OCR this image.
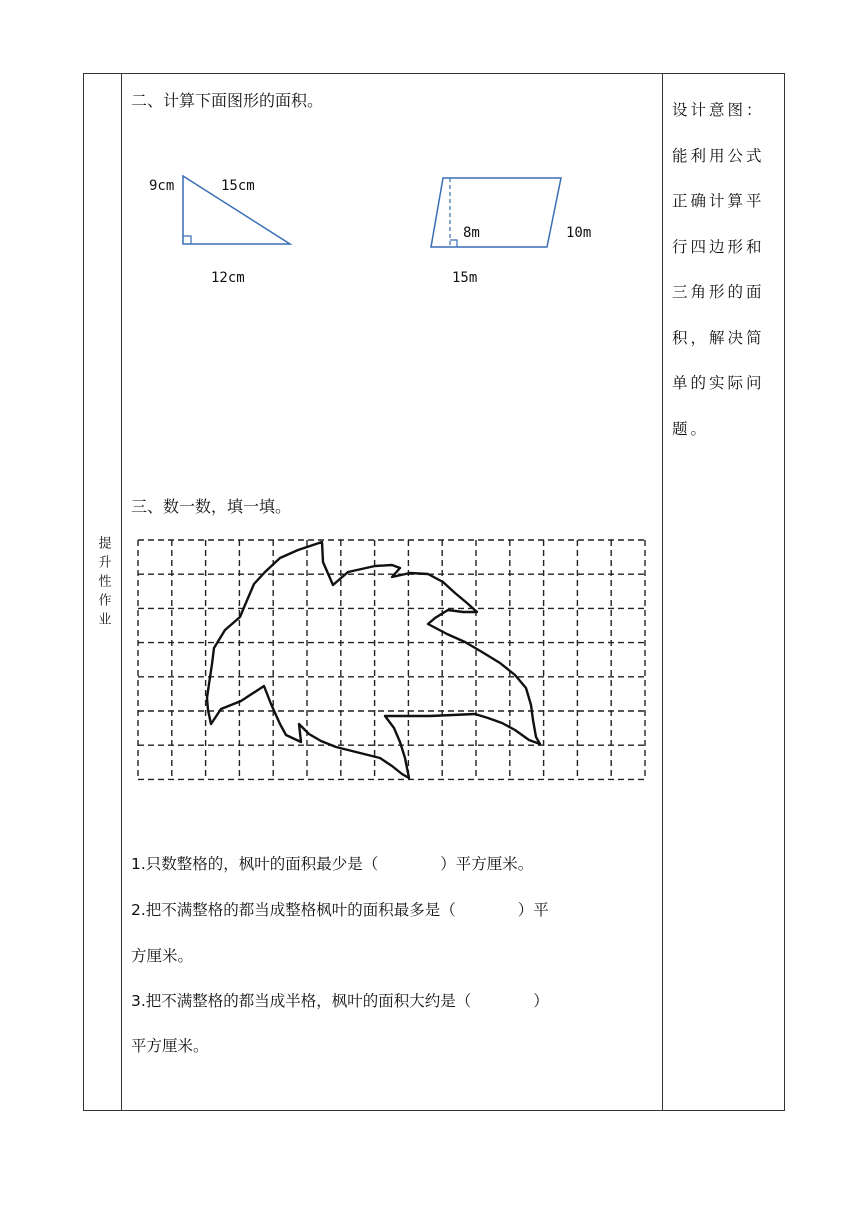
提升性作业
二、计算下面图形的面积。
9cm	15cm
12cm
8m	10m
15m
三、数一数，填一填。
1.只数整格的，枫叶的面积最少是（　　　　）平方厘米。
2.把不满整格的都当成整格枫叶的面积最多是（　　　　）平
方厘米。
3.把不满整格的都当成半格，枫叶的面积大约是（　　　　）
平方厘米。
设计意图：能利用公式正确计算平行四边形和三角形的面积，解决简单的实际问题。
